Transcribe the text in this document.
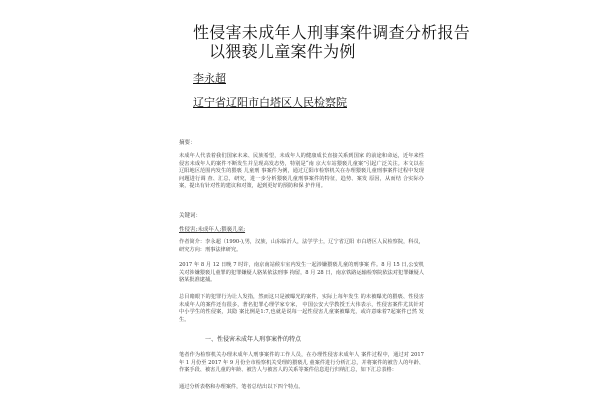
性侵害未成年人刑事案件调查分析报告
以猥亵儿童案件为例
李永超
辽宁省辽阳市白塔区人民检察院
摘要：

未成年人代表着我们国家未来、民族希望，未成年人的健康成长直接关系到国家 的前途和命运，近年来性侵害未成年人的案件不断发生并呈现高发态势，特别是“南 京大车站猥亵儿童案”引起广泛关注。本文以在辽阳地区范围内发生的猥亵 儿童刑 事案件为例，通过辽阳市检察机关在办理猥亵儿童刑事案件过程中发现 问题进行调 查、汇总，研究，进一步分析猥亵儿童刑事案件的特征，趋势、案发 原因，从而结 合实际办案，提出有针对性的建议和对策，起到更好的预防和保 护作用。

关键词：
性侵害;未成年人;猥亵儿童;

作者简介：李永超（1990-),男，汉族，山东临沂人，法学学士，辽宁省辽阳 市白塔区人民检察院，科员，研究方向：刑事法律研究。

2017 年 8 月 12 日晚 7 时许，南京南站候车室内发生一起涉嫌猥亵儿童的刑事案 件。8 月 15 日,公安机关对涉嫌猥亵儿童罪的犯罪嫌疑人骆某依法刑事 拘留，8 月 28 日，南京铁路运输检察院依法对犯罪嫌疑人骆某批准逮捕。

总目睹眼下的犯罪行为让人发指，然而这只是被曝光的案件，实际上每年发生 的未被曝光的猥亵、性侵害未成年人的案件还有很多，著名犯罪心理学家专家， 中国公安大学教授王大伟表示，性侵害案件尤其针对中小学生的性侵案，其隐 案比例是1:7,也就是说每一起性侵害儿童案被曝光，或许意味着7起案件已然 发生。

一、性侵害未成年人刑事案件的特点

笔者作为检察机关办理未成年人刑事案件的工作人员，在办理性侵害未成年人 案件过程中，通过对 2017 年 1 月份至 2017 年 9 月份全市检察机关受理的猥亵儿 童案件进行分析汇总，并将案件的被告人的年龄、作案手段、被害儿童的年龄、被告人与被害人的关系等案件信息进行归纳汇总，如下汇总表格：

通过分析表格和办理案件，笔者总结出以下四个特点。
